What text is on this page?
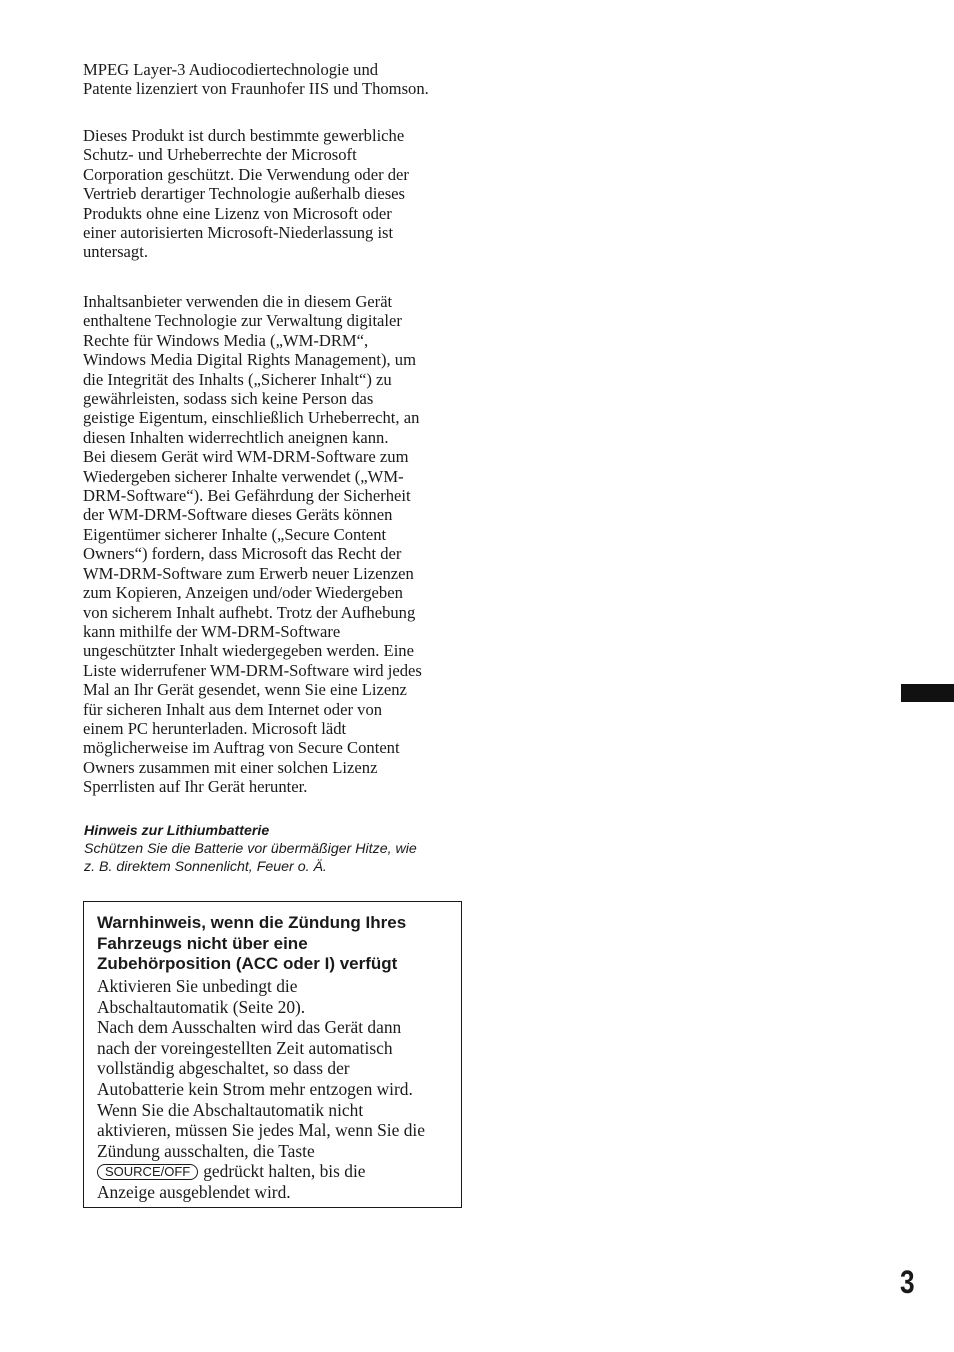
MPEG Layer-3 Audiocodiertechnologie und
Patente lizenziert von Fraunhofer IIS und Thomson.

Dieses Produkt ist durch bestimmte gewerbliche
Schutz- und Urheberrechte der Microsoft
Corporation geschützt. Die Verwendung oder der
Vertrieb derartiger Technologie außerhalb dieses
Produkts ohne eine Lizenz von Microsoft oder
einer autorisierten Microsoft-Niederlassung ist
untersagt.

Inhaltsanbieter verwenden die in diesem Gerät
enthaltene Technologie zur Verwaltung digitaler
Rechte für Windows Media („WM-DRM“,
Windows Media Digital Rights Management), um
die Integrität des Inhalts („Sicherer Inhalt“) zu
gewährleisten, sodass sich keine Person das
geistige Eigentum, einschließlich Urheberrecht, an
diesen Inhalten widerrechtlich aneignen kann.
Bei diesem Gerät wird WM-DRM-Software zum
Wiedergeben sicherer Inhalte verwendet („WM-
DRM-Software“). Bei Gefährdung der Sicherheit
der WM-DRM-Software dieses Geräts können
Eigentümer sicherer Inhalte („Secure Content
Owners“) fordern, dass Microsoft das Recht der
WM-DRM-Software zum Erwerb neuer Lizenzen
zum Kopieren, Anzeigen und/oder Wiedergeben
von sicherem Inhalt aufhebt. Trotz der Aufhebung
kann mithilfe der WM-DRM-Software
ungeschützter Inhalt wiedergegeben werden. Eine
Liste widerrufener WM-DRM-Software wird jedes
Mal an Ihr Gerät gesendet, wenn Sie eine Lizenz
für sicheren Inhalt aus dem Internet oder von
einem PC herunterladen. Microsoft lädt
möglicherweise im Auftrag von Secure Content
Owners zusammen mit einer solchen Lizenz
Sperrlisten auf Ihr Gerät herunter.

Hinweis zur Lithiumbatterie
Schützen Sie die Batterie vor übermäßiger Hitze, wie
z. B. direktem Sonnenlicht, Feuer o. Ä.
Warnhinweis, wenn die Zündung Ihres
Fahrzeugs nicht über eine
Zubehörposition (ACC oder I) verfügt
Aktivieren Sie unbedingt die
Abschaltautomatik (Seite 20).
Nach dem Ausschalten wird das Gerät dann
nach der voreingestellten Zeit automatisch
vollständig abgeschaltet, so dass der
Autobatterie kein Strom mehr entzogen wird.
Wenn Sie die Abschaltautomatik nicht
aktivieren, müssen Sie jedes Mal, wenn Sie die
Zündung ausschalten, die Taste
SOURCE/OFF gedrückt halten, bis die
Anzeige ausgeblendet wird.
3
